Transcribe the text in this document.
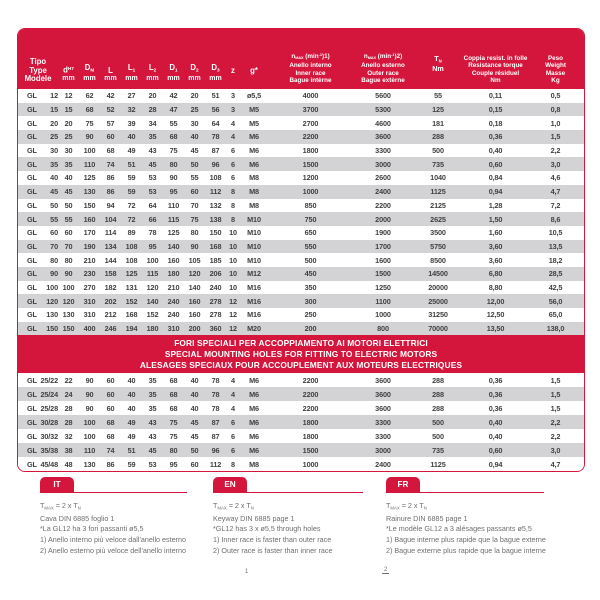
Tipo
Type
Modele
$d^{H7}$
mm
$D_M$
mm
L
mm
$L_1$
mm
$L_2$
mm
$D_1$
mm
$D_2$
mm
$D_3$
mm
z g*
$n_{MAX}$ $(\min^{-1})1$)
Anello interno
Inner race
Bague intèrne
$n_{MAX}$ $(\min^{-1})2$)
Anello esterno
Outer race
Bague extèrne
$T_N$
Nm
Coppia resist. in folle
Resistance torque
Couple résiduel
Nm
Peso
Weight
Masse
Kg
GL 12 12	62	42	27	20	42	20	51	3	ø5,5	4000	5600	55	0,11	0,5
GL 15 15	68	52	32	28	47	25	56	3	M5	3700	5300	125	0,15	0,8
GL 20 20	75	57	39	34	55	30	64	4	M5	2700	4600	181	0,18	1,0
GL 25 25	90	60	40	35	68	40	78	4	M6	2200	3600	288	0,36	1,5
GL 30 30	100	68	49	43	75	45	87	6	M6	1800	3300	500	0,40	2,2
GL 35 35	110	74	51	45	80	50	96	6	M6	1500	3000	735	0,60	3,0
GL 40 40	125	86	59	53	90	55	108	6	M8	1200	2600	1040	0,84	4,6
GL 45 45	130	86	59	53	95	60	112	8	M8	1000	2400	1125	0,94	4,7
GL 50 50	150	94	72	64	110	70	132	8	M8	850	2200	2125	1,28	7,2
GL 55 55	160	104	72	66	115	75	138	8	M10	750	2000	2625	1,50	8,6
GL 60 60	170	114	89	78	125	80	150	10	M10	650	1900	3500	1,60	10,5
GL 70 70	190	134	108	95	140	90	168	10	M10	550	1700	5750	3,60	13,5
GL 80 80	210	144	108	100	160	105	185	10	M10	500	1600	8500	3,60	18,2
GL 90 90	230	158	125	115	180	120	206	10	M12	450	1500	14500	6,80	28,5
GL 100 100	270	182	131	120	210	140	240	10	M16	350	1250	20000	8,80	42,5
GL 120 120	310	202	152	140	240	160	278	12	M16	300	1100	25000	12,00	56,0
GL 130 130	310	212	168	152	240	160	278	12	M16	250	1000	31250	12,50	65,0
GL 150 150	400	246	194	180	310	200	360	12	M20	200	800	70000	13,50	138,0
FORI SPECIALI PER ACCOPPIAMENTO AI MOTORI ELETTRICI
SPECIAL MOUNTING HOLES FOR FITTING TO ELECTRIC MOTORS
ALESAGES SPECIAUX POUR ACCOUPLEMENT AUX MOTEURS ELECTRIQUES
GL 25/22 22	90	60	40	35	68	40	78	4	M6	2200	3600	288	0,36	1,5
GL 25/24 24	90	60	40	35	68	40	78	4	M6	2200	3600	288	0,36	1,5
GL 25/28 28	90	60	40	35	68	40	78	4	M6	2200	3600	288	0,36	1,5
GL 30/28 28	100	68	49	43	75	45	87	6	M6	1800	3300	500	0,40	2,2
GL 30/32 32	100	68	49	43	75	45	87	6	M6	1800	3300	500	0,40	2,2
GL 35/38 38	110	74	51	45	80	50	96	6	M6	1500	3000	735	0,60	3,0
GL 45/48 48	130	86	59	53	95	60	112	8	M8	1000	2400	1125	0,94	4,7
IT
$T_{MAX} = 2$ x $T_N$
Cava DIN 6885 foglio 1
*La GL12 ha 3 fori passanti ø5,5
1) Anello interno più veloce dall'anello esterno
2) Anello esterno più veloce dell'anello interno
EN
$T_{MAX} = 2$ x $T_N$
Keyway DIN 6885 page 1
*GL12 has 3 x ø5,5 through holes
1) Inner race is faster than outer race
2) Outer race is faster than inner race
FR
$T_{MAX} = 2$ x $T_N$
Rainure DIN 6885 page 1
*Le modèle GL12 a 3 alésages passants ø5,5
1) Bague interne plus rapide que la bague externe
2) Bague externe plus rapide que la bague interne
1	2
